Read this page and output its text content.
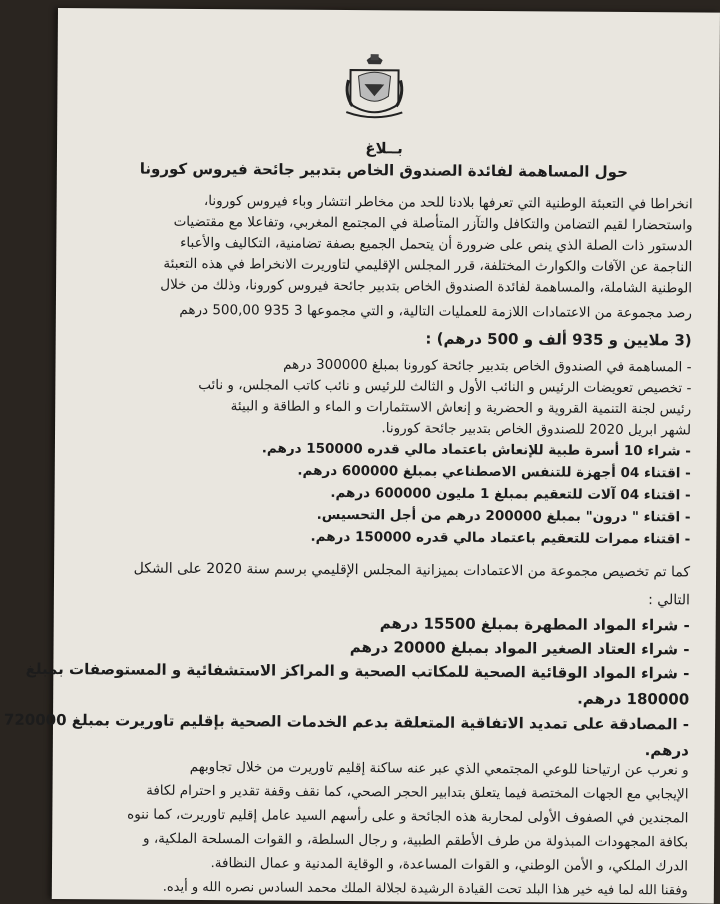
بــلاغ
حول المساهمة لفائدة الصندوق الخاص بتدبير جائحة فيروس كورونا
انخراطا في التعبئة الوطنية التي تعرفها بلادنا للحد من مخاطر انتشار وباء فيروس كورونا،
واستحضارا لقيم التضامن والتكافل والتآزر المتأصلة في المجتمع المغربي، وتفاعلا مع مقتضيات
الدستور ذات الصلة الذي ينص على ضرورة أن يتحمل الجميع بصفة تضامنية، التكاليف والأعباء
الناجمة عن الآفات والكوارث المختلفة، قرر المجلس الإقليمي لتاوريرت الانخراط في هذه التعبئة
الوطنية الشاملة، والمساهمة لفائدة الصندوق الخاص بتدبير جائحة فيروس كورونا، وذلك من خلال
رصد مجموعة من الاعتمادات اللازمة للعمليات التالية، و التي مجموعها 3 935 500,00 درهم
(3 ملايين و 935 ألف و 500 درهم) :
- المساهمة في الصندوق الخاص بتدبير جائحة كورونا بمبلغ 300000 درهم
- تخصيص تعويضات الرئيس و النائب الأول و الثالث للرئيس و نائب كاتب المجلس، و نائب
رئيس لجنة التنمية القروية و الحضرية و إنعاش الاستثمارات و الماء و الطاقة و البيئة
لشهر ابريل 2020 للصندوق الخاص بتدبير جائحة كورونا.
- شراء 10 أسرة طبية للإنعاش باعتماد مالي قدره 150000 درهم.
- اقتناء 04 أجهزة للتنفس الاصطناعي بمبلغ 600000 درهم.
- اقتناء 04 آلات للتعقيم بمبلغ 1 مليون 600000 درهم.
- اقتناء " درون" بمبلغ 200000 درهم من أجل التحسيس.
- اقتناء ممرات للتعقيم باعتماد مالي قدره 150000 درهم.
كما تم تخصيص مجموعة من الاعتمادات بميزانية المجلس الإقليمي برسم سنة 2020 على الشكل
التالي :
- شراء المواد المطهرة بمبلغ 15500 درهم
- شراء العتاد الصغير المواد بمبلغ 20000 درهم
- شراء المواد الوقائية الصحية للمكاتب الصحية و المراكز الاستشفائية و المستوصفات بمبلغ
180000 درهم.
- المصادقة على تمديد الاتفاقية المتعلقة بدعم الخدمات الصحية بإقليم تاوريرت بمبلغ 720000
درهم.
و نعرب عن ارتياحنا للوعي المجتمعي الذي عبر عنه ساكنة إقليم تاوريرت من خلال تجاوبهم
الإيجابي مع الجهات المختصة فيما يتعلق بتدابير الحجر الصحي، كما نقف وقفة تقدير و احترام لكافة
المجندين في الصفوف الأولى لمحاربة هذه الجائحة و على رأسهم السيد عامل إقليم تاوريرت، كما ننوه
بكافة المجهودات المبذولة من طرف الأطقم الطبية، و رجال السلطة، و القوات المسلحة الملكية، و
الدرك الملكي، و الأمن الوطني، و القوات المساعدة، و الوقاية المدنية و عمال النظافة.
وفقنا الله لما فيه خير هذا البلد تحت القيادة الرشيدة لجلالة الملك محمد السادس نصره الله و أيده.
